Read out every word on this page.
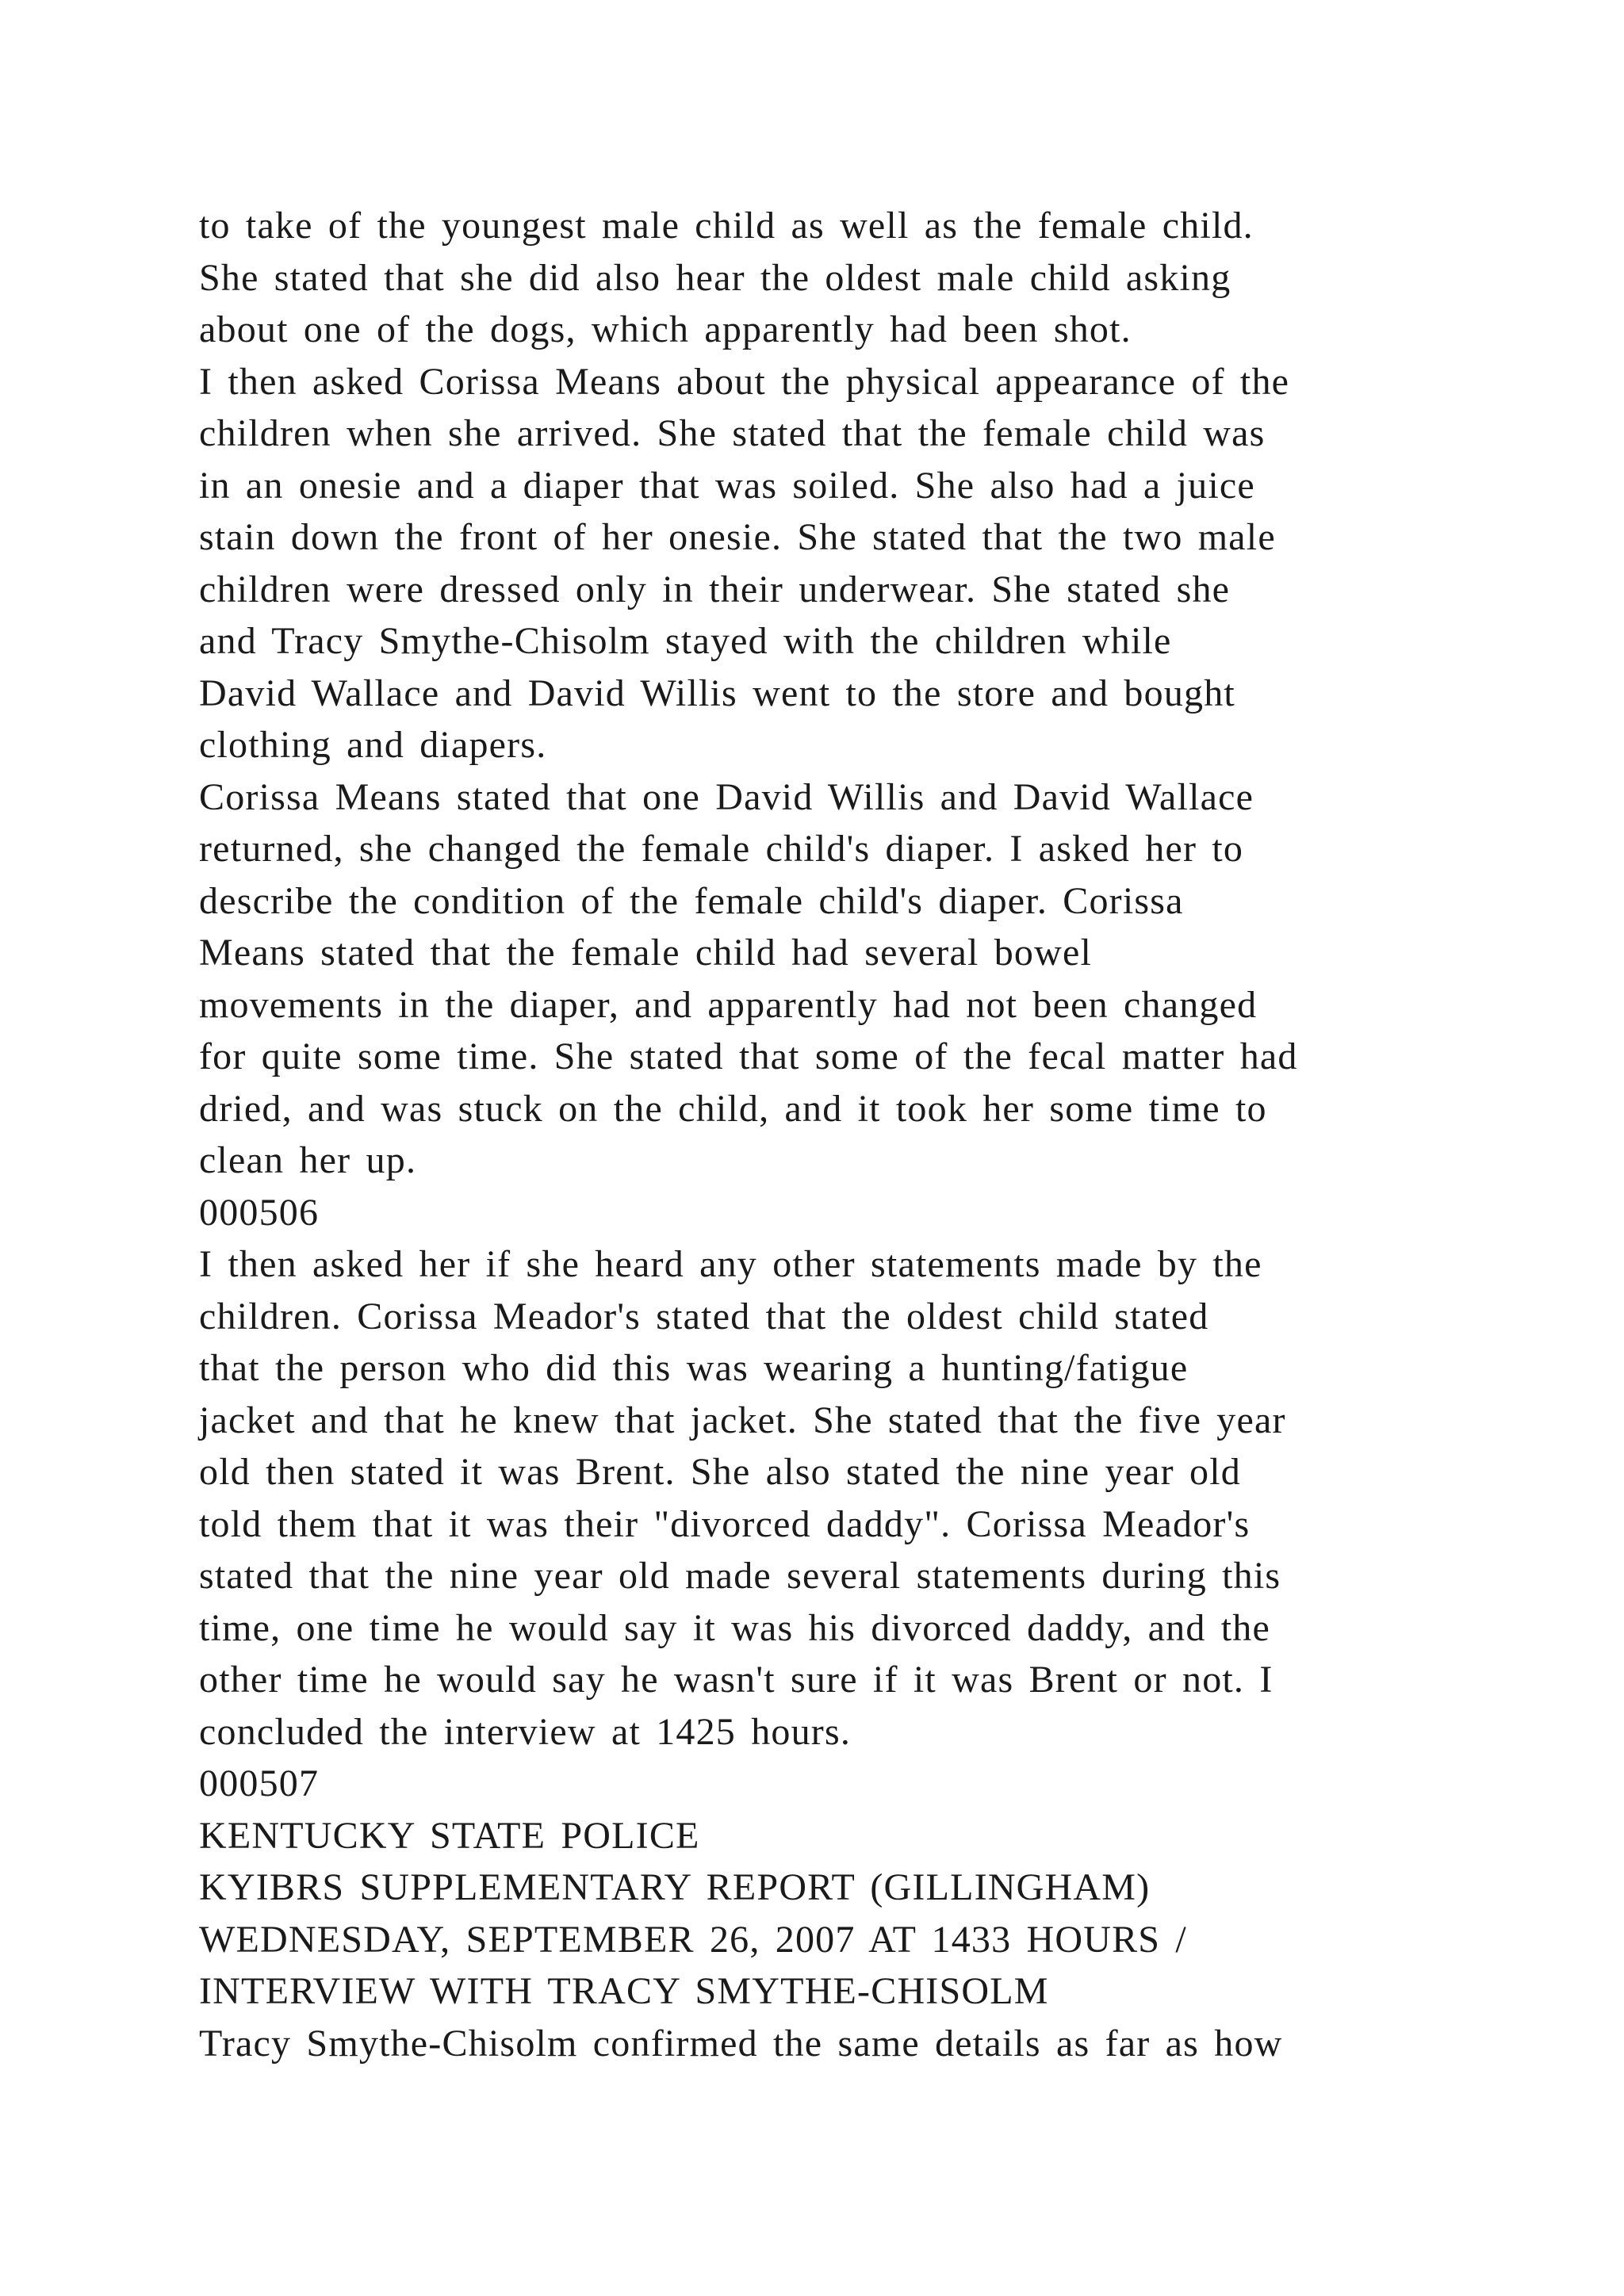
to take of the youngest male child as well as the female child.
She stated that she did also hear the oldest male child asking
about one of the dogs, which apparently had been shot.
I then asked Corissa Means about the physical appearance of the
children when she arrived. She stated that the female child was
in an onesie and a diaper that was soiled. She also had a juice
stain down the front of her onesie. She stated that the two male
children were dressed only in their underwear. She stated she
and Tracy Smythe-Chisolm stayed with the children while
David Wallace and David Willis went to the store and bought
clothing and diapers.
Corissa Means stated that one David Willis and David Wallace
returned, she changed the female child's diaper. I asked her to
describe the condition of the female child's diaper. Corissa
Means stated that the female child had several bowel
movements in the diaper, and apparently had not been changed
for quite some time. She stated that some of the fecal matter had
dried, and was stuck on the child, and it took her some time to
clean her up.
000506
I then asked her if she heard any other statements made by the
children. Corissa Meador's stated that the oldest child stated
that the person who did this was wearing a hunting/fatigue
jacket and that he knew that jacket. She stated that the five year
old then stated it was Brent. She also stated the nine year old
told them that it was their "divorced daddy". Corissa Meador's
stated that the nine year old made several statements during this
time, one time he would say it was his divorced daddy, and the
other time he would say he wasn't sure if it was Brent or not. I
concluded the interview at 1425 hours.
000507
KENTUCKY STATE POLICE
KYIBRS SUPPLEMENTARY REPORT (GILLINGHAM)
WEDNESDAY, SEPTEMBER 26, 2007 AT 1433 HOURS /
INTERVIEW WITH TRACY SMYTHE-CHISOLM
Tracy Smythe-Chisolm confirmed the same details as far as how
